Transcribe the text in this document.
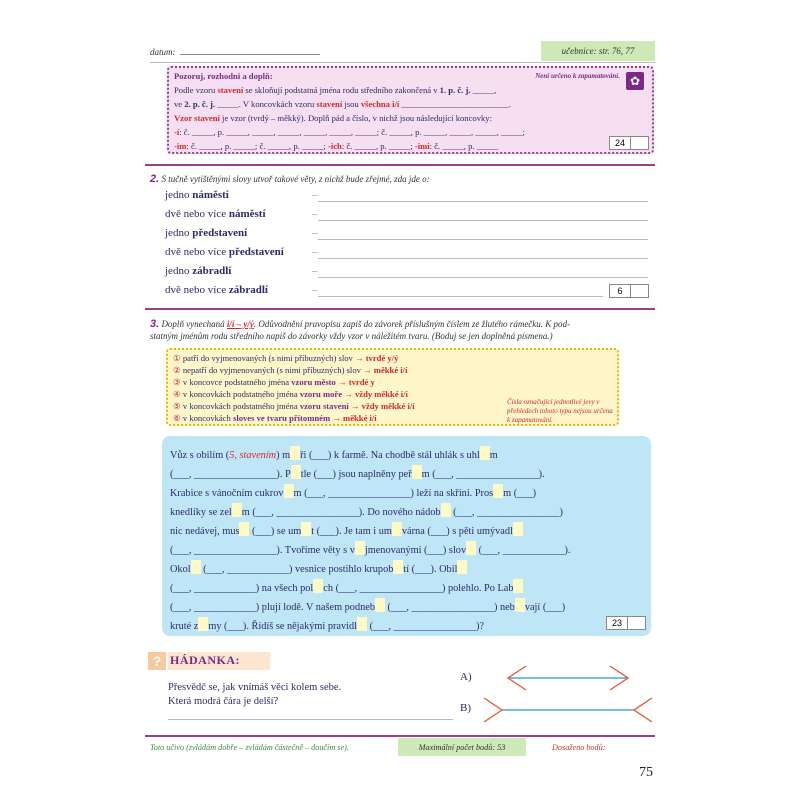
datum:	učebnice: str. 76, 77
Pozoruj, rozhodni a doplň:	Není určeno k zapamatování. ✿
Podle vzoru stavení se skloňují podstatná jména rodu středního zakončená v 1. p. č. j. _____,
ve 2. p. č. j. _____. V koncovkách vzoru stavení jsou všechna i/í _________________________.
Vzor stavení je vzor (tvrdý – měkký). Doplň pád a číslo, v nichž jsou následující koncovky:
-í: č. _____, p. _____, _____, _____, _____, _____, _____; č. _____, p. _____, _____, _____, _____;
-im: č. _____, p. _____; č. _____, p. _____; -ich: č. _____, p. _____; -imi: č. _____, p. _____	24
2. S tučně vytištěnými slovy utvoř takové věty, z nichž bude zřejmé, zda jde o:
jedno náměstí	–
dvě nebo více náměstí	–
jedno představení	–
dvě nebo více představení	–
jedno zábradlí	–
dvě nebo více zábradlí	–	6
3. Doplň vynechaná i/í – y/ý. Odůvodnění pravopisu zapiš do závorek příslušným číslem ze žlutého rámečku. K pod-
statným jménům rodu středního napiš do závorky vždy vzor v náležitém tvaru. (Boduj se jen doplněná písmena.)
① patří do vyjmenovaných (s nimi příbuzných) slov → tvrdé y/ý
② nepatří do vyjmenovaných (s nimi příbuzných) slov → měkké i/í
③ v koncovce podstatného jména vzoru město → tvrdé y
④ v koncovkách podstatného jména vzoru moře → vždy měkké i/í
⑤ v koncovkách podstatného jména vzoru stavení → vždy měkké i/í
⑥ v koncovkách sloves ve tvaru přítomném → měkké i/í
Čísla označující jednotlivé jevy v přehledech tohoto typu nejsou určena k zapamatování.
Vůz s obilím (5, stavením) m ři (___) k farmě. Na chodbě stál uhlák s uhl m
(___, ________________). P tle (___) jsou naplněny peř m (___, ________________).
Krabice s vánočním cukrov m (___, ________________) leží na skříni. Pros m (___)
knedlíky se zel m (___, ________________). Do nového nádob (___, ________________)
nic nedávej, mus (___) se um t (___). Je tam i um várna (___) s pěti umývadl
(___, ________________). Tvoříme věty s v jmenovanými (___) slov (___, ____________).
Okol (___, ____________) vesnice postihlo krupob tí (___). Obil
(___, ____________) na všech pol ch (___, ________________) polehlo. Po Lab
(___, ____________) plují lodě. V našem podneb (___, ________________) neb vají (___)
kruté z my (___). Řídíš se nějakými pravidl (___, ________________)?	23
? HÁDANKA:
Přesvědč se, jak vnímáš věci kolem sebe.
Která modrá čára je delší?
A)
B)
Toto učivo (zvládám dobře – zvládám částečně – doučím se).	Maximální počet bodů: 53	Dosaženo bodů:
75
